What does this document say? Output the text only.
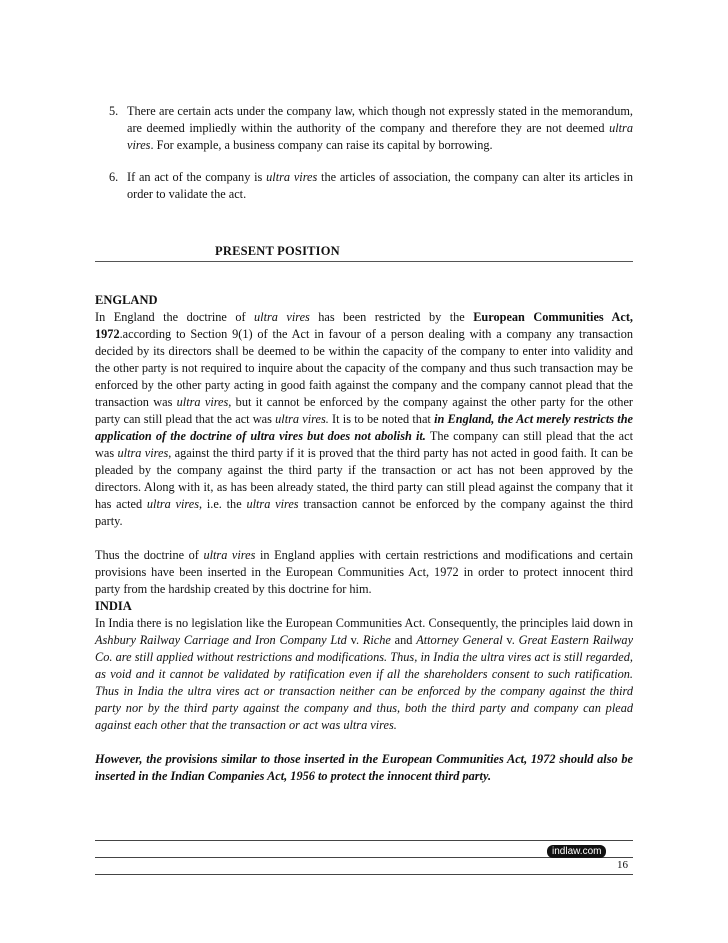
5. There are certain acts under the company law, which though not expressly stated in the memorandum, are deemed impliedly within the authority of the company and therefore they are not deemed ultra vires. For example, a business company can raise its capital by borrowing.
6. If an act of the company is ultra vires the articles of association, the company can alter its articles in order to validate the act.
PRESENT POSITION
ENGLAND

In England the doctrine of ultra vires has been restricted by the European Communities Act, 1972.according to Section 9(1) of the Act in favour of a person dealing with a company any transaction decided by its directors shall be deemed to be within the capacity of the company to enter into validity and the other party is not required to inquire about the capacity of the company and thus such transaction may be enforced by the other party acting in good faith against the company and the company cannot plead that the transaction was ultra vires, but it cannot be enforced by the company against the other party for the other party can still plead that the act was ultra vires. It is to be noted that in England, the Act merely restricts the application of the doctrine of ultra vires but does not abolish it. The company can still plead that the act was ultra vires, against the third party if it is proved that the third party has not acted in good faith. It can be pleaded by the company against the third party if the transaction or act has not been approved by the directors. Along with it, as has been already stated, the third party can still plead against the company that it has acted ultra vires, i.e. the ultra vires transaction cannot be enforced by the company against the third party.

Thus the doctrine of ultra vires in England applies with certain restrictions and modifications and certain provisions have been inserted in the European Communities Act, 1972 in order to protect innocent third party from the hardship created by this doctrine for him.

INDIA

In India there is no legislation like the European Communities Act. Consequently, the principles laid down in Ashbury Railway Carriage and Iron Company Ltd v. Riche and Attorney General v. Great Eastern Railway Co. are still applied without restrictions and modifications. Thus, in India the ultra vires act is still regarded, as void and it cannot be validated by ratification even if all the shareholders consent to such ratification. Thus in India the ultra vires act or transaction neither can be enforced by the company against the third party nor by the third party against the company and thus, both the third party and company can plead against each other that the transaction or act was ultra vires.

However, the provisions similar to those inserted in the European Communities Act, 1972 should also be inserted in the Indian Companies Act, 1956 to protect the innocent third party.

indlaw.com
16
